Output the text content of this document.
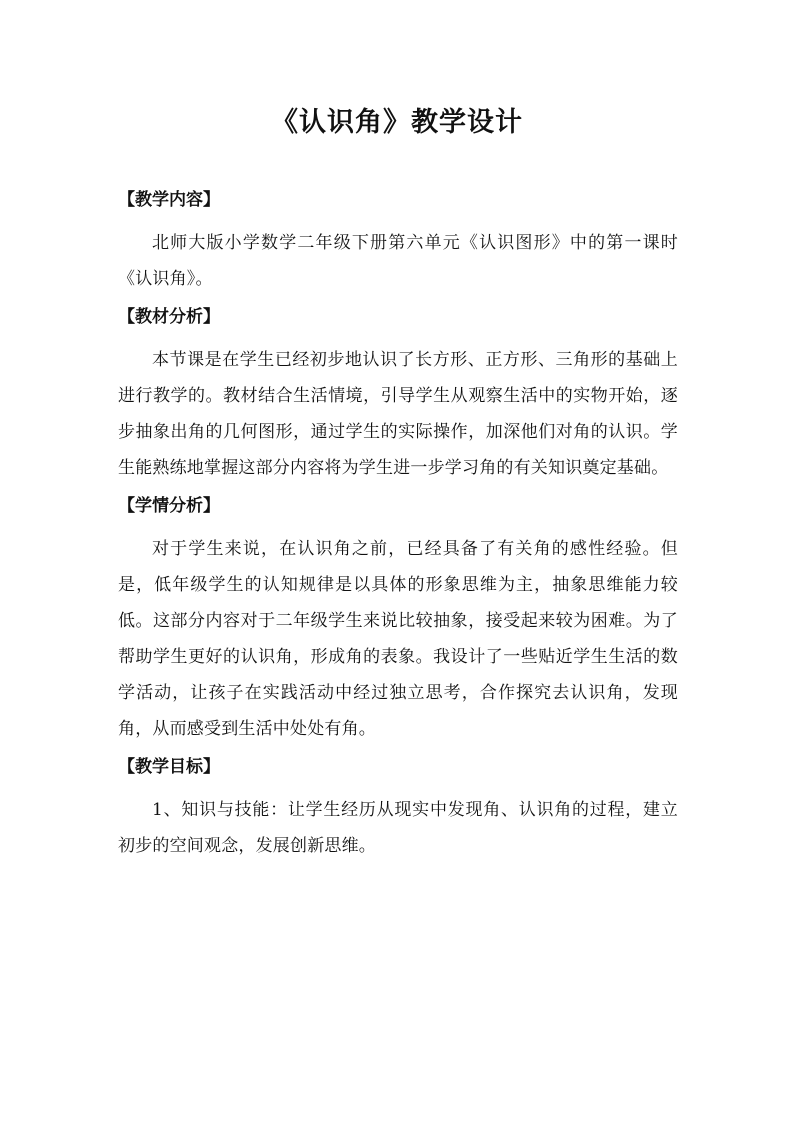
《认识角》教学设计
【教学内容】

北师大版小学数学二年级下册第六单元《认识图形》中的第一课时《认识角》。

【教材分析】

本节课是在学生已经初步地认识了长方形、正方形、三角形的基础上进行教学的。教材结合生活情境，引导学生从观察生活中的实物开始，逐步抽象出角的几何图形，通过学生的实际操作，加深他们对角的认识。学生能熟练地掌握这部分内容将为学生进一步学习角的有关知识奠定基础。

【学情分析】

对于学生来说，在认识角之前，已经具备了有关角的感性经验。但是，低年级学生的认知规律是以具体的形象思维为主，抽象思维能力较低。这部分内容对于二年级学生来说比较抽象，接受起来较为困难。为了帮助学生更好的认识角，形成角的表象。我设计了一些贴近学生生活的数学活动，让孩子在实践活动中经过独立思考，合作探究去认识角，发现角，从而感受到生活中处处有角。

【教学目标】

1、知识与技能：让学生经历从现实中发现角、认识角的过程，建立初步的空间观念，发展创新思维。
